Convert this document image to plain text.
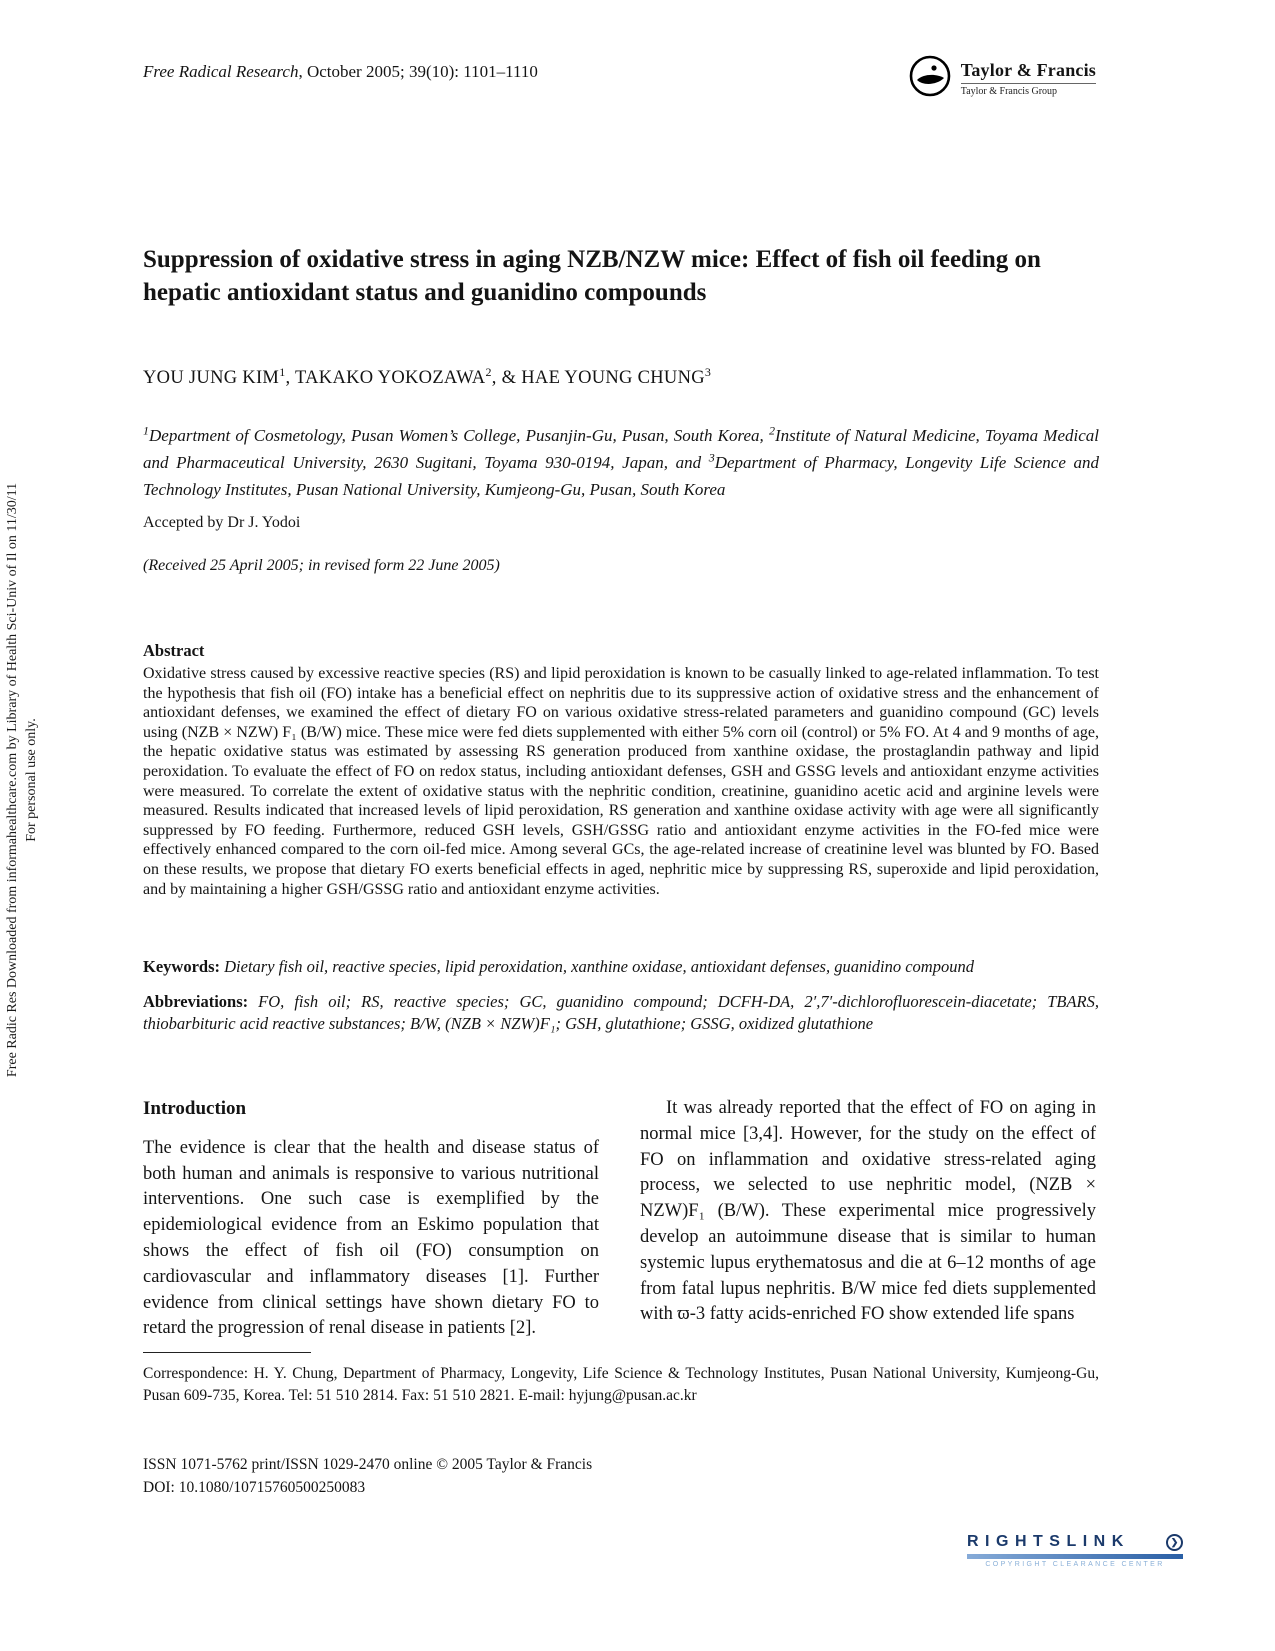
Free Radic Res Downloaded from informahealthcare.com by Library of Health Sci-Univ of Il on 11/30/11 For personal use only.
Free Radical Research, October 2005; 39(10): 1101–1110	Taylor & Francis
Taylor & Francis Group
Suppression of oxidative stress in aging NZB/NZW mice: Effect of fish oil feeding on hepatic antioxidant status and guanidino compounds
YOU JUNG KIM$^1$, TAKAKO YOKOZAWA$^2$, & HAE YOUNG CHUNG$^3$
$^1$Department of Cosmetology, Pusan Women’s College, Pusanjin-Gu, Pusan, South Korea, $^2$Institute of Natural Medicine, Toyama Medical and Pharmaceutical University, 2630 Sugitani, Toyama 930-0194, Japan, and $^3$Department of Pharmacy, Longevity Life Science and Technology Institutes, Pusan National University, Kumjeong-Gu, Pusan, South Korea
Accepted by Dr J. Yodoi
(Received 25 April 2005; in revised form 22 June 2005)
Abstract
Oxidative stress caused by excessive reactive species (RS) and lipid peroxidation is known to be casually linked to age-related inflammation. To test the hypothesis that fish oil (FO) intake has a beneficial effect on nephritis due to its suppressive action of oxidative stress and the enhancement of antioxidant defenses, we examined the effect of dietary FO on various oxidative stress-related parameters and guanidino compound (GC) levels using (NZB × NZW) F₁ (B/W) mice. These mice were fed diets supplemented with either 5% corn oil (control) or 5% FO. At 4 and 9 months of age, the hepatic oxidative status was estimated by assessing RS generation produced from xanthine oxidase, the prostaglandin pathway and lipid peroxidation. To evaluate the effect of FO on redox status, including antioxidant defenses, GSH and GSSG levels and antioxidant enzyme activities were measured. To correlate the extent of oxidative status with the nephritic condition, creatinine, guanidino acetic acid and arginine levels were measured. Results indicated that increased levels of lipid peroxidation, RS generation and xanthine oxidase activity with age were all significantly suppressed by FO feeding. Furthermore, reduced GSH levels, GSH/GSSG ratio and antioxidant enzyme activities in the FO-fed mice were effectively enhanced compared to the corn oil-fed mice. Among several GCs, the age-related increase of creatinine level was blunted by FO. Based on these results, we propose that dietary FO exerts beneficial effects in aged, nephritic mice by suppressing RS, superoxide and lipid peroxidation, and by maintaining a higher GSH/GSSG ratio and antioxidant enzyme activities.
Keywords: Dietary fish oil, reactive species, lipid peroxidation, xanthine oxidase, antioxidant defenses, guanidino compound
Abbreviations: FO, fish oil; RS, reactive species; GC, guanidino compound; DCFH-DA, 2′,7′-dichlorofluorescein-diacetate; TBARS, thiobarbituric acid reactive substances; B/W, (NZB × NZW)F₁; GSH, glutathione; GSSG, oxidized glutathione
Introduction

The evidence is clear that the health and disease status of both human and animals is responsive to various nutritional interventions. One such case is exemplified by the epidemiological evidence from an Eskimo population that shows the effect of fish oil (FO) consumption on cardiovascular and inflammatory diseases [1]. Further evidence from clinical settings have shown dietary FO to retard the progression of renal disease in patients [2].

It was already reported that the effect of FO on aging in normal mice [3,4]. However, for the study on the effect of FO on inflammation and oxidative stress-related aging process, we selected to use nephritic model, (NZB × NZW)F₁ (B/W). These experimental mice progressively develop an autoimmune disease that is similar to human systemic lupus erythematosus and die at 6–12 months of age from fatal lupus nephritis. B/W mice fed diets supplemented with ϖ-3 fatty acids-enriched FO show extended life spans

Correspondence: H. Y. Chung, Department of Pharmacy, Longevity, Life Science & Technology Institutes, Pusan National University, Kumjeong-Gu, Pusan 609-735, Korea. Tel: 51 510 2814. Fax: 51 510 2821. E-mail: hyjung@pusan.ac.kr

ISSN 1071-5762 print/ISSN 1029-2470 online © 2005 Taylor & Francis
DOI: 10.1080/10715760500250083
RIGHTSLINK	❯
COPYRIGHT CLEARANCE CENTER
